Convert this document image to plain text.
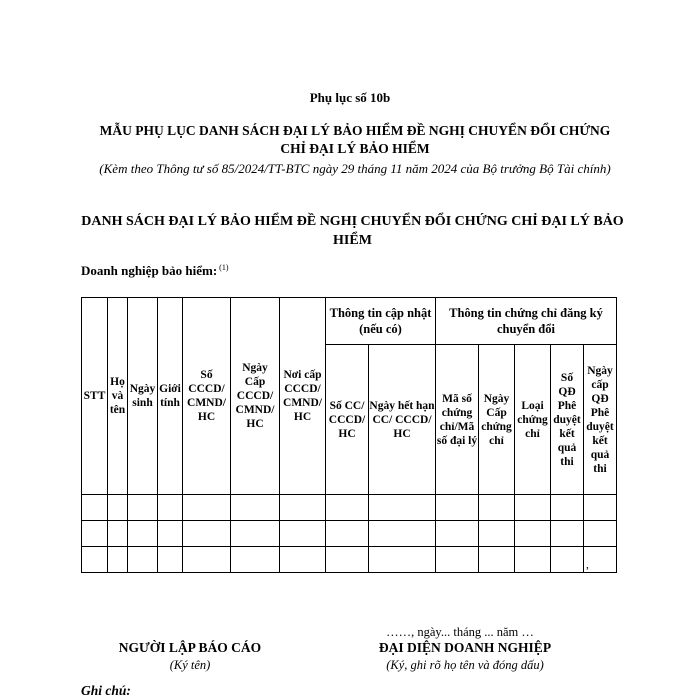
Phụ lục số 10b
MẪU PHỤ LỤC DANH SÁCH ĐẠI LÝ BẢO HIỂM ĐỀ NGHỊ CHUYỂN ĐỔI CHỨNG CHỈ ĐẠI LÝ BẢO HIỂM
(Kèm theo Thông tư số 85/2024/TT-BTC ngày 29 tháng 11 năm 2024 của Bộ trưởng Bộ Tài chính)
DANH SÁCH ĐẠI LÝ BẢO HIỂM ĐỀ NGHỊ CHUYỂN ĐỔI CHỨNG CHỈ ĐẠI LÝ BẢO HIỂM
Doanh nghiệp bảo hiểm: $^{(1)}$
STT	Họ và tên	Ngày sinh	Giới tính	Số CCCD/ CMND/ HC	Ngày Cấp CCCD/ CMND/ HC	Nơi cấp CCCD/ CMND/ HC	Thông tin cập nhật (nếu có)		Thông tin chứng chỉ đăng ký chuyển đổi				
							Số CC/ CCCD/ HC	Ngày hết hạn CC/ CCCD/ HC	Mã số chứng chỉ/Mã số đại lý	Ngày Cấp chứng chỉ	Loại chứng chỉ	Số QĐ Phê duyệt kết quả thi	Ngày cấp QĐ Phê duyệt kết quả thi

													,
……, ngày... tháng ... năm …
NGƯỜI LẬP BÁO CÁO
(Ký tên)
ĐẠI DIỆN DOANH NGHIỆP
(Ký, ghi rõ họ tên và đóng dấu)
Ghi chú:
